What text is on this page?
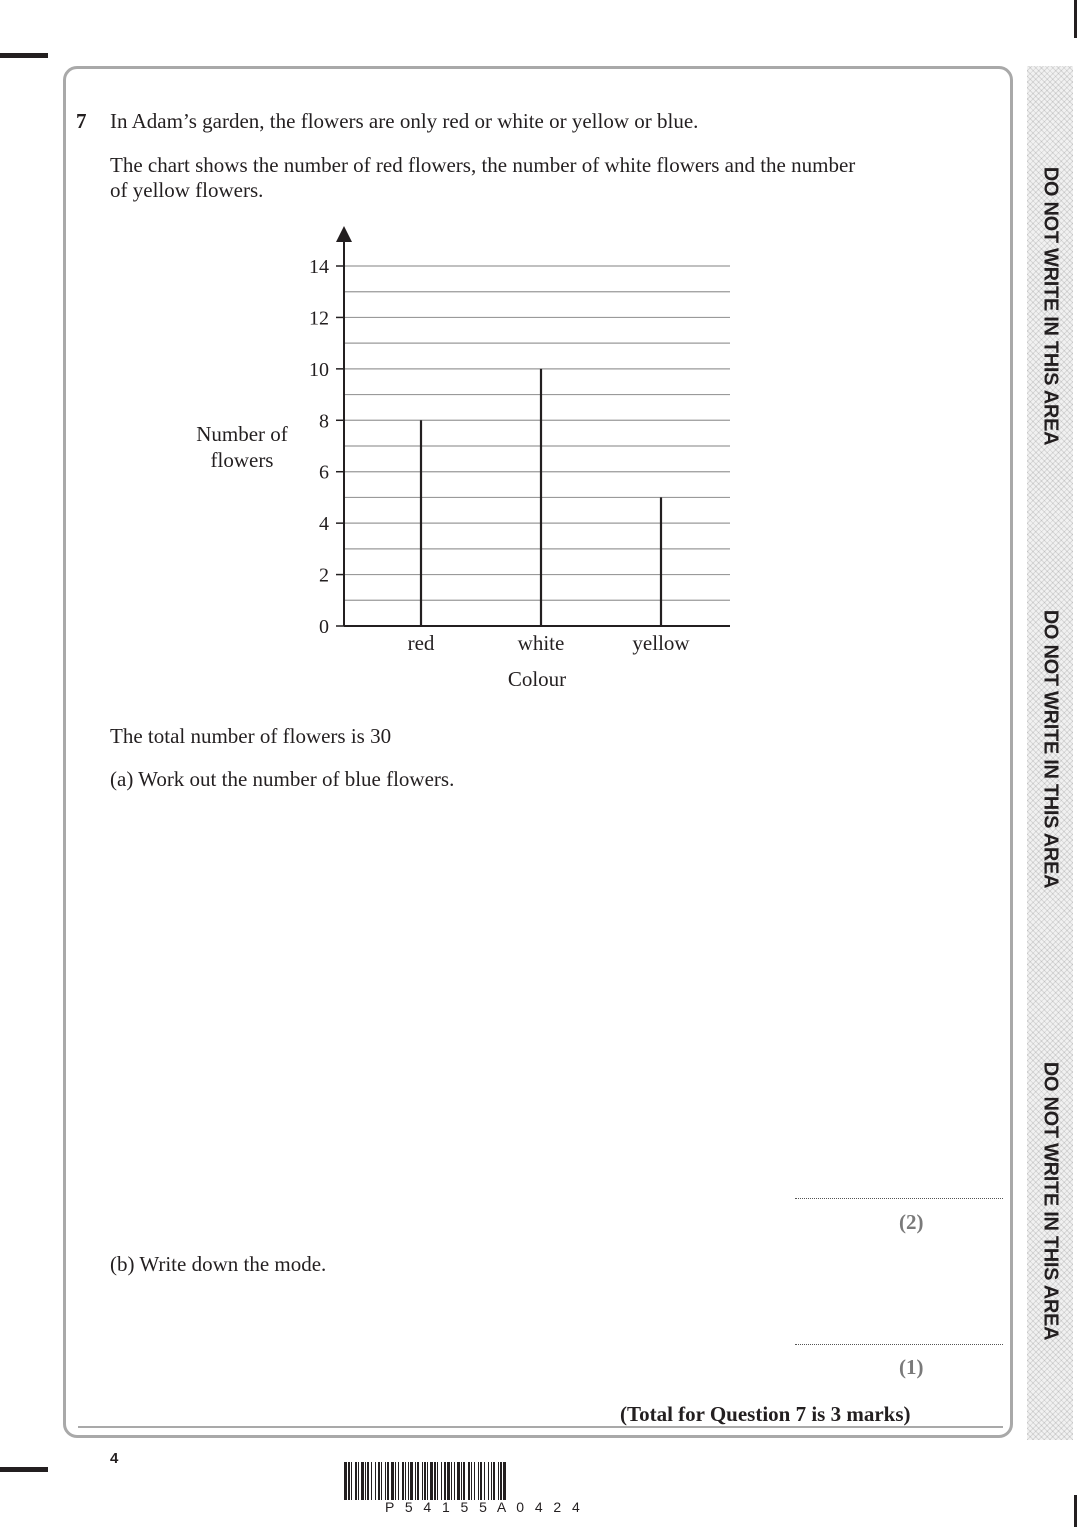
DO NOT WRITE IN THIS AREA
DO NOT WRITE IN THIS AREA
DO NOT WRITE IN THIS AREA
7 In Adam’s garden, the flowers are only red or white or yellow or blue.
The chart shows the number of red flowers, the number of white flowers and the number
of yellow flowers.
0
2
4
6
8
10
12
14
red	white	yellow
Colour
Number of
flowers
The total number of flowers is 30
(a) Work out the number of blue flowers.
(2)
(b) Write down the mode.
(1)
(Total for Question 7 is 3 marks)
4
P  5  4  1  5  5  A  0  4  2  4
